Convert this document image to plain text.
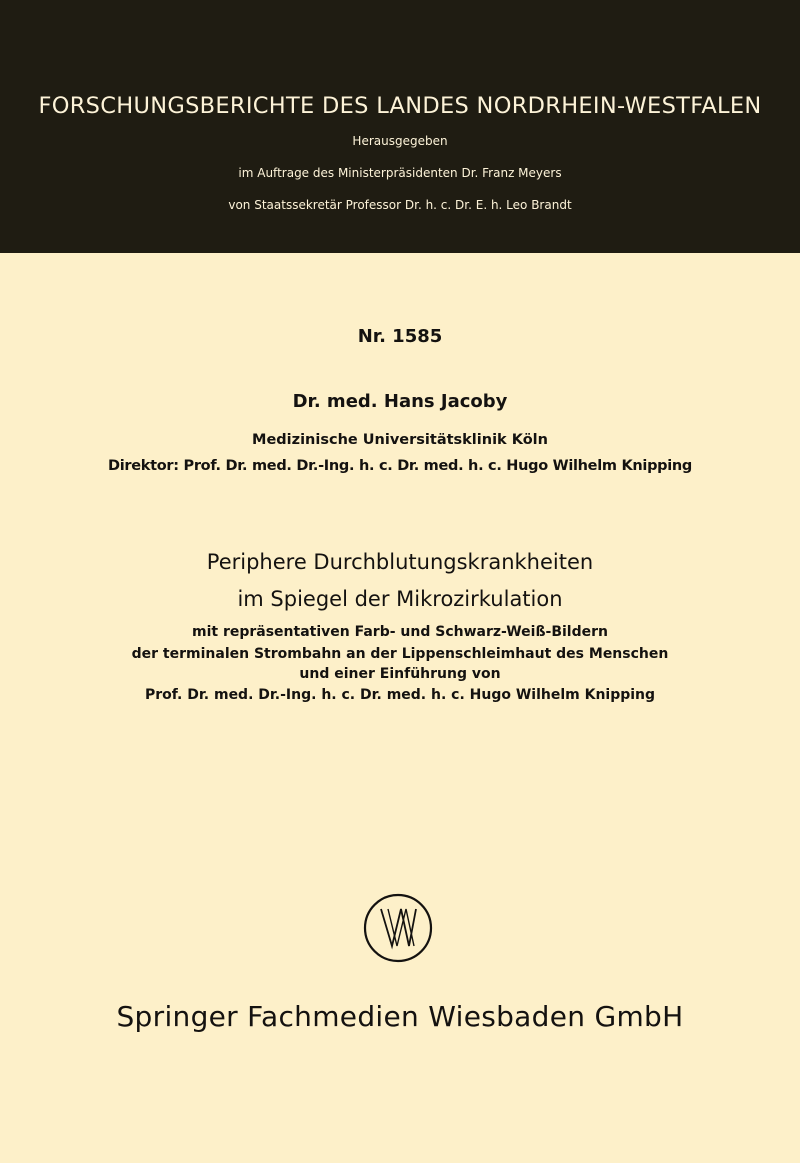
FORSCHUNGSBERICHTE DES LANDES NORDRHEIN-WESTFALEN
Herausgegeben
im Auftrage des Ministerpräsidenten Dr. Franz Meyers
von Staatssekretär Professor Dr. h. c. Dr. E. h. Leo Brandt
Nr. 1585
Dr. med. Hans Jacoby
Medizinische Universitätsklinik Köln
Direktor: Prof. Dr. med. Dr.-Ing. h. c. Dr. med. h. c. Hugo Wilhelm Knipping
Periphere Durchblutungskrankheiten
im Spiegel der Mikrozirkulation
mit repräsentativen Farb- und Schwarz-Weiß-Bildern
der terminalen Strombahn an der Lippenschleimhaut des Menschen
und einer Einführung von
Prof. Dr. med. Dr.-Ing. h. c. Dr. med. h. c. Hugo Wilhelm Knipping
Springer Fachmedien Wiesbaden GmbH
